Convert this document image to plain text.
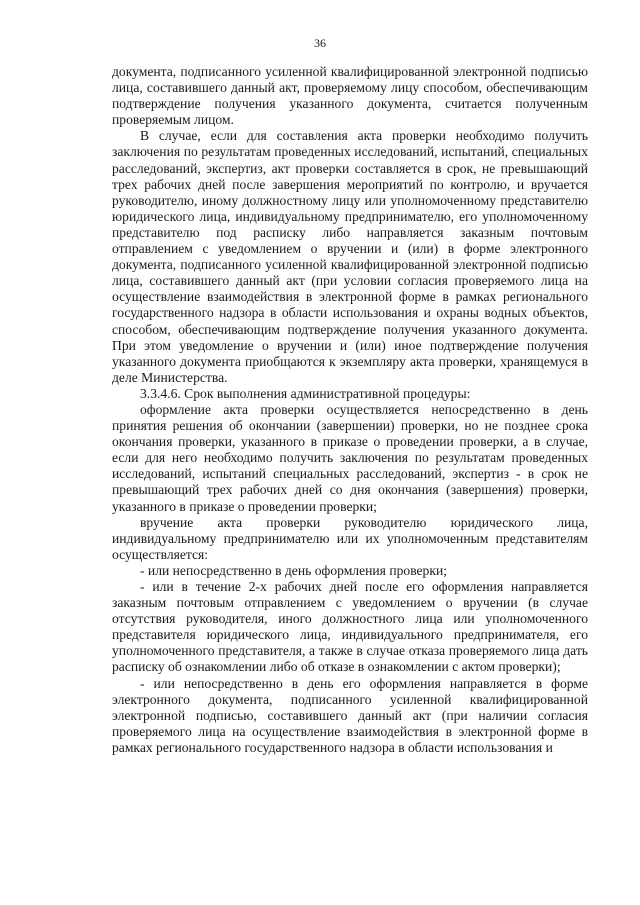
36

документа, подписанного усиленной квалифицированной электронной подписью лица, составившего данный акт, проверяемому лицу способом, обеспечивающим подтверждение получения указанного документа, считается полученным проверяемым лицом.

В случае, если для составления акта проверки необходимо получить заключения по результатам проведенных исследований, испытаний, специальных расследований, экспертиз, акт проверки составляется в срок, не превышающий трех рабочих дней после завершения мероприятий по контролю, и вручается руководителю, иному должностному лицу или уполномоченному представителю юридического лица, индивидуальному предпринимателю, его уполномоченному представителю под расписку либо направляется заказным почтовым отправлением с уведомлением о вручении и (или) в форме электронного документа, подписанного усиленной квалифицированной электронной подписью лица, составившего данный акт (при условии согласия проверяемого лица на осуществление взаимодействия в электронной форме в рамках регионального государственного надзора в области использования и охраны водных объектов, способом, обеспечивающим подтверждение получения указанного документа. При этом уведомление о вручении и (или) иное подтверждение получения указанного документа приобщаются к экземпляру акта проверки, хранящемуся в деле Министерства.

3.3.4.6. Срок выполнения административной процедуры:

оформление акта проверки осуществляется непосредственно в день принятия решения об окончании (завершении) проверки, но не позднее срока окончания проверки, указанного в приказе о проведении проверки, а в случае, если для него необходимо получить заключения по результатам проведенных исследований, испытаний специальных расследований, экспертиз - в срок не превышающий трех рабочих дней со дня окончания (завершения) проверки, указанного в приказе о проведении проверки;

вручение акта проверки руководителю юридического лица, индивидуальному предпринимателю или их уполномоченным представителям осуществляется:

- или непосредственно в день оформления проверки;

- или в течение 2-х рабочих дней после его оформления направляется заказным почтовым отправлением с уведомлением о вручении (в случае отсутствия руководителя, иного должностного лица или уполномоченного представителя юридического лица, индивидуального предпринимателя, его уполномоченного представителя, а также в случае отказа проверяемого лица дать расписку об ознакомлении либо об отказе в ознакомлении с актом проверки);

- или непосредственно в день его оформления направляется в форме электронного документа, подписанного усиленной квалифицированной электронной подписью, составившего данный акт (при наличии согласия проверяемого лица на осуществление взаимодействия в электронной форме в рамках регионального государственного надзора в области использования и
